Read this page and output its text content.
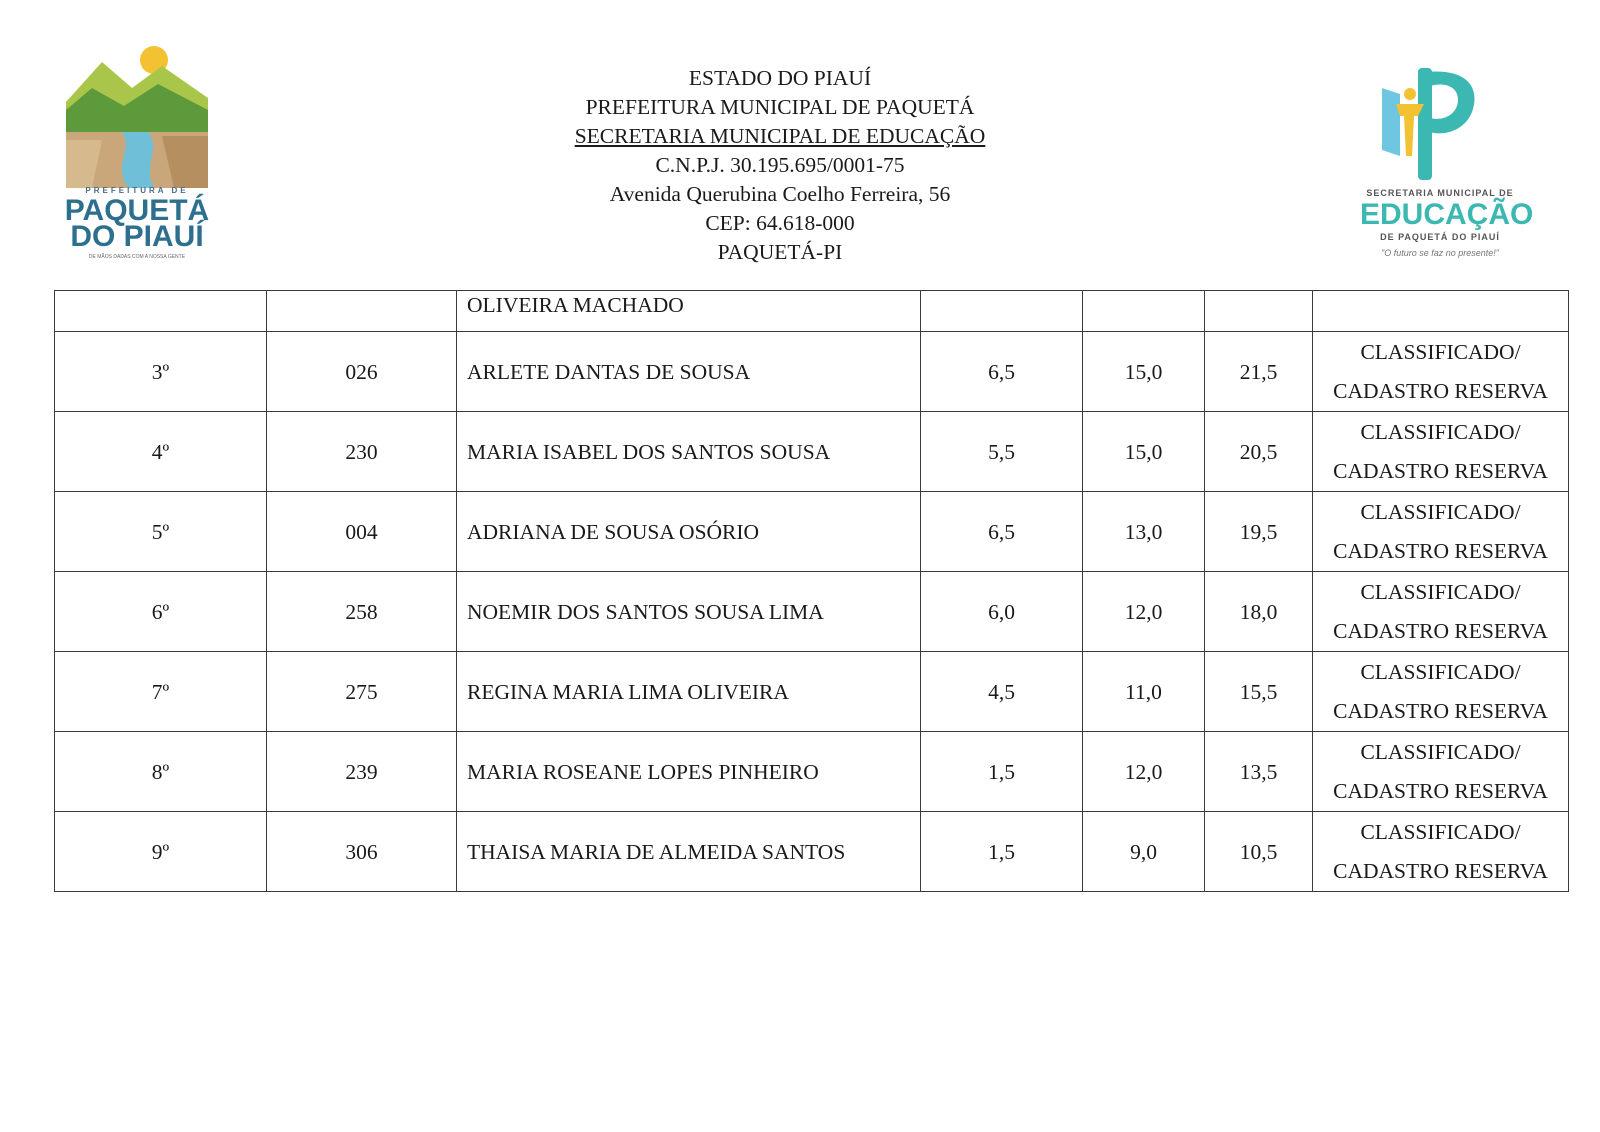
PREFEITURA DE
PAQUETÁ
DO PIAUÍ
DE MÃOS DADAS COM A NOSSA GENTE
ESTADO DO PIAUÍ
PREFEITURA MUNICIPAL DE PAQUETÁ
SECRETARIA MUNICIPAL DE EDUCAÇÃO
C.N.P.J. 30.195.695/0001-75
Avenida Querubina Coelho Ferreira, 56
CEP: 64.618-000
PAQUETÁ-PI
SECRETARIA MUNICIPAL DE
EDUCAÇÃO
DE PAQUETÁ DO PIAUÍ
"O futuro se faz no presente!"
		OLIVEIRA MACHADO				
3º	026	ARLETE DANTAS DE SOUSA	6,5	15,0	21,5	CLASSIFICADO/
CADASTRO RESERVA

4º	230	MARIA ISABEL DOS SANTOS SOUSA	5,5	15,0	20,5	CLASSIFICADO/
CADASTRO RESERVA

5º	004	ADRIANA DE SOUSA OSÓRIO	6,5	13,0	19,5	CLASSIFICADO/
CADASTRO RESERVA

6º	258	NOEMIR DOS SANTOS SOUSA LIMA	6,0	12,0	18,0	CLASSIFICADO/
CADASTRO RESERVA

7º	275	REGINA MARIA LIMA OLIVEIRA	4,5	11,0	15,5	CLASSIFICADO/
CADASTRO RESERVA

8º	239	MARIA ROSEANE LOPES PINHEIRO	1,5	12,0	13,5	CLASSIFICADO/
CADASTRO RESERVA

9º	306	THAISA MARIA DE ALMEIDA SANTOS	1,5	9,0	10,5	CLASSIFICADO/
CADASTRO RESERVA
